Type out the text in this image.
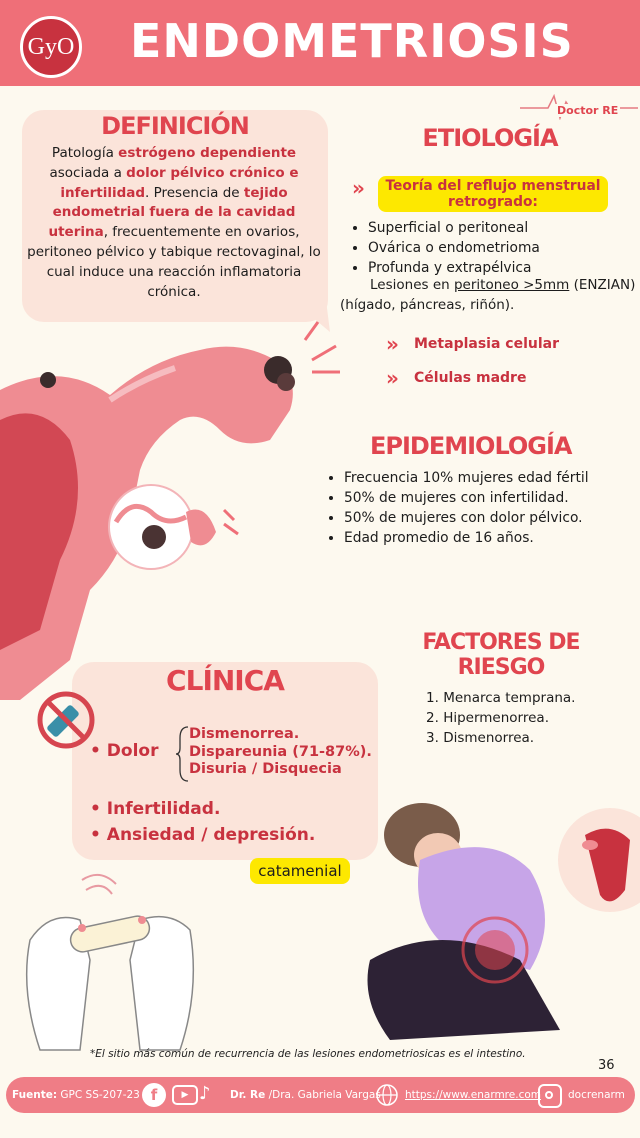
GyO ENDOMETRIOSIS
Doctor RE
DEFINICIÓN
Patología estrógeno dependiente asociada a dolor pélvico crónico e infertilidad. Presencia de tejido endometrial fuera de la cavidad uterina, frecuentemente en ovarios, peritoneo pélvico y tabique rectovaginal, lo cual induce una reacción inflamatoria crónica.
ETIOLOGÍA
»	Teoría del reflujo menstrual retrogrado:
• Superficial o peritoneal
• Ovárica o endometrioma
• Profunda y extrapélvica
Lesiones en peritoneo >5mm (ENZIAN)
(hígado, páncreas, riñón).
» Metaplasia celular
» Células madre
EPIDEMIOLOGÍA
• Frecuencia 10% mujeres edad fértil
• 50% de mujeres con infertilidad.
• 50% de mujeres con dolor pélvico.
• Edad promedio de 16 años.
FACTORES DE RIESGO
1. Menarca temprana.
2. Hipermenorrea.
3. Dismenorrea.
CLÍNICA
• Dolor
Dismenorrea.
Dispareunia (71-87%).
Disuria / Disquecia
• Infertilidad.
• Ansiedad / depresión.
catamenial
*El sitio más común de recurrencia de las lesiones endometriosicas es el intestino.
36
Fuente: GPC SS-207-23 f	▶ ♪ Dr. Re /Dra. Gabriela Vargas https://www.enarmre.com	docrenarm
